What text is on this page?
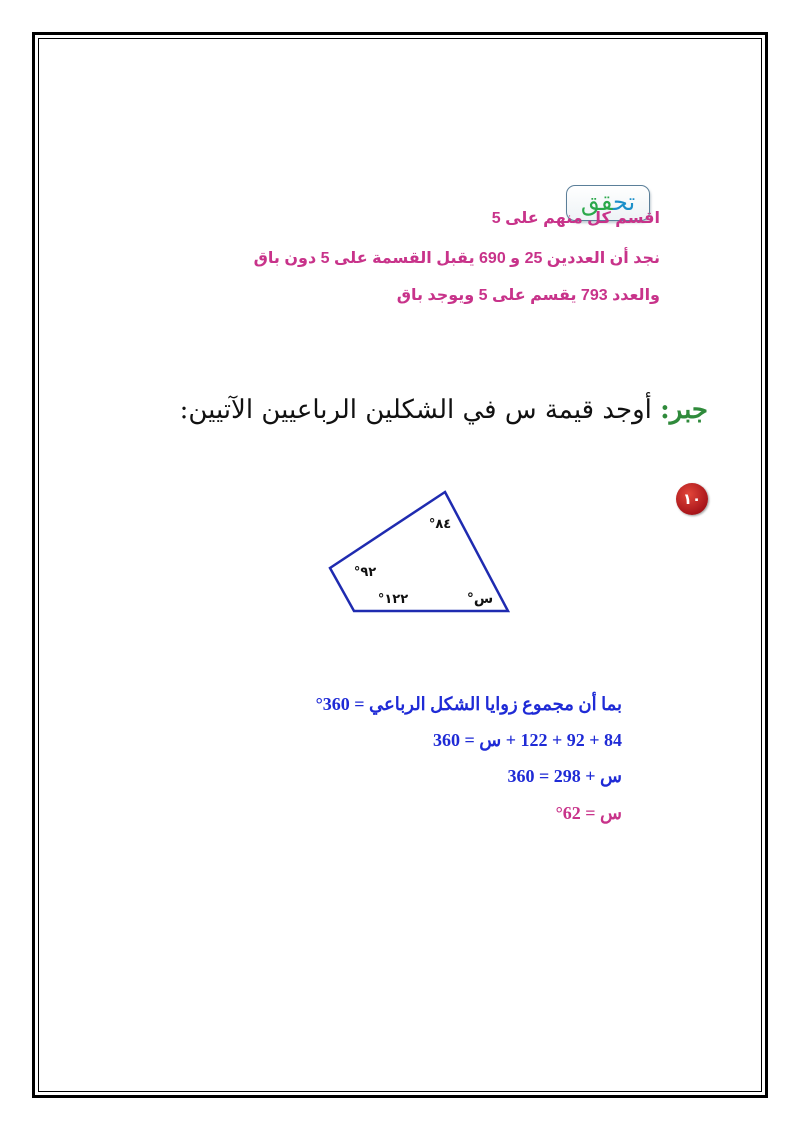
تحقق
اقسم كل منهم على 5
نجد أن العددين 25 و 690 يقبل القسمة على 5 دون باق
والعدد 793 يقسم على 5 ويوجد باق
جبر: أوجد قيمة س في الشكلين الرباعيين الآتيين:
١٠
°٨٤
°٩٢
°١٢٢	°س
بما أن مجموع زوايا الشكل الرباعي = 360°
84 + 92 + 122 + س = 360
س + 298 = 360
س = 62°
